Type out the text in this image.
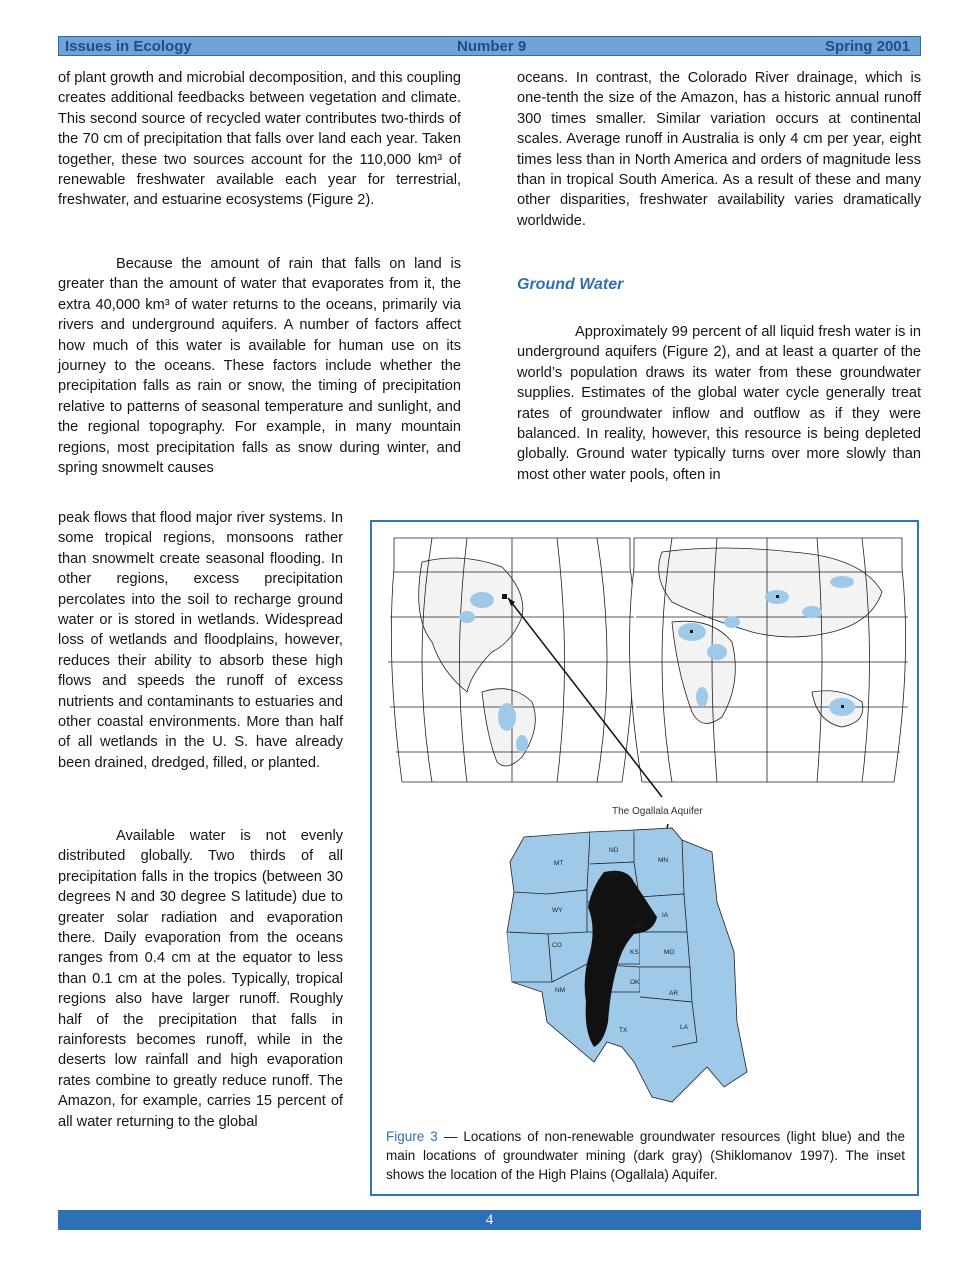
Issues in Ecology	Number 9	Spring 2001

of plant growth and microbial decomposition, and this coupling creates additional feedbacks between vegetation and climate. This second source of recycled water contributes two-thirds of the 70 cm of precipitation that falls over land each year. Taken together, these two sources account for the 110,000 km³ of renewable freshwater available each year for terrestrial, freshwater, and estuarine ecosystems (Figure 2).

Because the amount of rain that falls on land is greater than the amount of water that evaporates from it, the extra 40,000 km³ of water returns to the oceans, primarily via rivers and underground aquifers. A number of factors affect how much of this water is available for human use on its journey to the oceans. These factors include whether the precipitation falls as rain or snow, the timing of precipitation relative to patterns of seasonal temperature and sunlight, and the regional topography. For example, in many mountain regions, most precipitation falls as snow during winter, and spring snowmelt causes

peak flows that flood major river systems. In some tropical regions, monsoons rather than snowmelt create seasonal flooding. In other regions, excess precipitation percolates into the soil to recharge ground water or is stored in wetlands. Widespread loss of wetlands and floodplains, however, reduces their ability to absorb these high flows and speeds the runoff of excess nutrients and contaminants to estuaries and other coastal environments. More than half of all wetlands in the U. S. have already been drained, dredged, filled, or planted.

Available water is not evenly distributed globally. Two thirds of all precipitation falls in the tropics (between 30 degrees N and 30 degree S latitude) due to greater solar radiation and evaporation there. Daily evaporation from the oceans ranges from 0.4 cm at the equator to less than 0.1 cm at the poles. Typically, tropical regions also have larger runoff. Roughly half of the precipitation that falls in rainforests becomes runoff, while in the deserts low rainfall and high evaporation rates combine to greatly reduce runoff. The Amazon, for example, carries 15 percent of all water returning to the global

oceans. In contrast, the Colorado River drainage, which is one-tenth the size of the Amazon, has a historic annual runoff 300 times smaller. Similar variation occurs at continental scales. Average runoff in Australia is only 4 cm per year, eight times less than in North America and orders of magnitude less than in tropical South America. As a result of these and many other disparities, freshwater availability varies dramatically worldwide.

Ground Water

Approximately 99 percent of all liquid fresh water is in underground aquifers (Figure 2), and at least a quarter of the world’s population draws its water from these groundwater supplies. Estimates of the global water cycle generally treat rates of groundwater inflow and outflow as if they were balanced. In reality, however, this resource is being depleted globally. Ground water typically turns over more slowly than most other water pools, often in

The Ogallala Aquifer
MT
ND
MN
SD
WY
IA
NE
CO
KS	MO
NM
OK
AR
TX	LA

Figure 3 — Locations of non-renewable groundwater resources (light blue) and the main locations of groundwater mining (dark gray) (Shiklomanov 1997). The inset shows the location of the High Plains (Ogallala) Aquifer.

4
